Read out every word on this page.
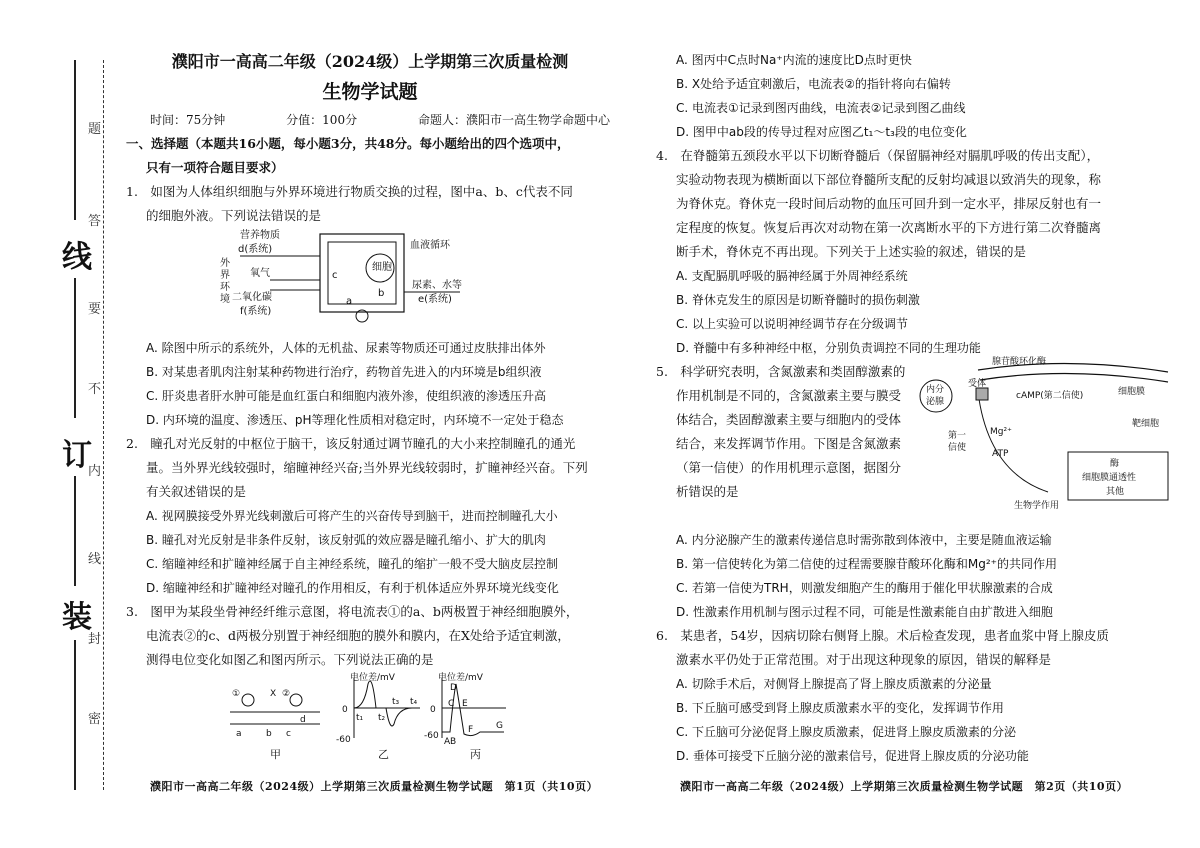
题
答
要
不
内
线
封
密
线
订
装
濮阳市一高高二年级（2024级）上学期第三次质量检测
生物学试题
时间：75分钟	分值：100分	命题人：濮阳市一高生物学命题中心
一、选择题（本题共16小题，每小题3分，共48分。每小题给出的四个选项中，
只有一项符合题目要求）
1.　如图为人体组织细胞与外界环境进行物质交换的过程，图中a、b、c代表不同
的细胞外液。下列说法错误的是
营养物质
d(系统)
外
界
环
境
氧气
二氧化碳
f(系统)
血液循环
细胞
尿素、水等
e(系统)
c
a
b
A. 除图中所示的系统外，人体的无机盐、尿素等物质还可通过皮肤排出体外
B. 对某患者肌肉注射某种药物进行治疗，药物首先进入的内环境是b组织液
C. 肝炎患者肝水肿可能是血红蛋白和细胞内液外渗，使组织液的渗透压升高
D. 内环境的温度、渗透压、pH等理化性质相对稳定时，内环境不一定处于稳态
2.　瞳孔对光反射的中枢位于脑干，该反射通过调节瞳孔的大小来控制瞳孔的通光
量。当外界光线较强时，缩瞳神经兴奋;当外界光线较弱时，扩瞳神经兴奋。下列
有关叙述错误的是
A. 视网膜接受外界光线刺激后可将产生的兴奋传导到脑干，进而控制瞳孔大小
B. 瞳孔对光反射是非条件反射，该反射弧的效应器是瞳孔缩小、扩大的肌肉
C. 缩瞳神经和扩瞳神经属于自主神经系统，瞳孔的缩扩一般不受大脑皮层控制
D. 缩瞳神经和扩瞳神经对瞳孔的作用相反，有利于机体适应外界环境光线变化
3.　图甲为某段坐骨神经纤维示意图，将电流表①的a、b两极置于神经细胞膜外，
电流表②的c、d两极分别置于神经细胞的膜外和膜内，在X处给予适宜刺激，
测得电位变化如图乙和图丙所示。下列说法正确的是
①	②
X
a	b c
d
甲
电位差/mV
0
-60
t₁ t₂
t₃ t₄
乙
电位差/mV
0
-60
A B
C
D
E
F	G
丙
A. 图丙中C点时Na⁺内流的速度比D点时更快
B. X处给予适宜刺激后，电流表②的指针将向右偏转
C. 电流表①记录到图丙曲线，电流表②记录到图乙曲线
D. 图甲中ab段的传导过程对应图乙t₁～t₃段的电位变化
4.　在脊髓第五颈段水平以下切断脊髓后（保留膈神经对膈肌呼吸的传出支配），
实验动物表现为横断面以下部位脊髓所支配的反射均减退以致消失的现象，称
为脊休克。脊休克一段时间后动物的血压可回升到一定水平，排尿反射也有一
定程度的恢复。恢复后再次对动物在第一次离断水平的下方进行第二次脊髓离
断手术，脊休克不再出现。下列关于上述实验的叙述，错误的是
A. 支配膈肌呼吸的膈神经属于外周神经系统
B. 脊休克发生的原因是切断脊髓时的损伤刺激
C. 以上实验可以说明神经调节存在分级调节
D. 脊髓中有多种神经中枢，分别负责调控不同的生理功能
5.　科学研究表明，含氮激素和类固醇激素的
作用机制是不同的，含氮激素主要与膜受
体结合，类固醇激素主要与细胞内的受体
结合，来发挥调节作用。下图是含氮激素
（第一信使）的作用机理示意图，据图分
析错误的是
腺苷酸环化酶
受体
细胞膜
内分
泌腺
cAMP(第二信使)
靶细胞
第一
信使
Mg²⁺
ATP
酶
细胞膜通透性
其他
生物学作用
A. 内分泌腺产生的激素传递信息时需弥散到体液中，主要是随血液运输
B. 第一信使转化为第二信使的过程需要腺苷酸环化酶和Mg²⁺的共同作用
C. 若第一信使为TRH，则激发细胞产生的酶用于催化甲状腺激素的合成
D. 性激素作用机制与图示过程不同，可能是性激素能自由扩散进入细胞
6.　某患者，54岁，因病切除右侧肾上腺。术后检查发现，患者血浆中肾上腺皮质
激素水平仍处于正常范围。对于出现这种现象的原因，错误的解释是
A. 切除手术后，对侧肾上腺提高了肾上腺皮质激素的分泌量
B. 下丘脑可感受到肾上腺皮质激素水平的变化，发挥调节作用
C. 下丘脑可分泌促肾上腺皮质激素，促进肾上腺皮质激素的分泌
D. 垂体可接受下丘脑分泌的激素信号，促进肾上腺皮质的分泌功能
濮阳市一高高二年级（2024级）上学期第三次质量检测生物学试题　第1页（共10页）	濮阳市一高高二年级（2024级）上学期第三次质量检测生物学试题　第2页（共10页）
